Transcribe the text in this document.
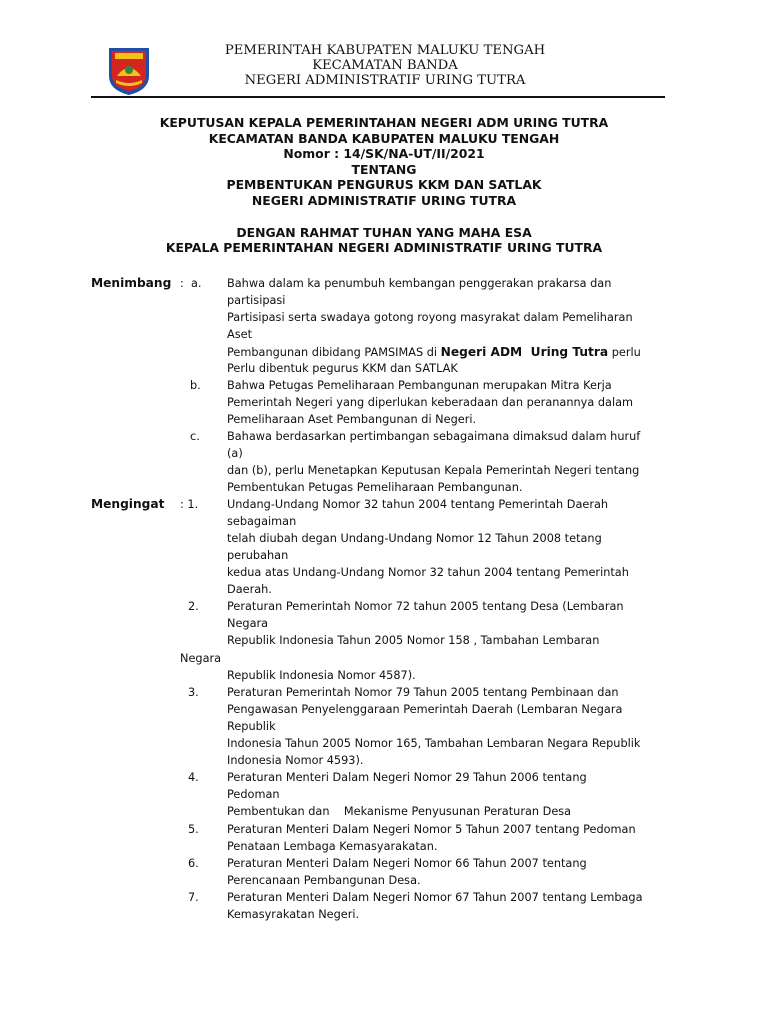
PEMERINTAH KABUPATEN MALUKU TENGAH
KECAMATAN BANDA
NEGERI ADMINISTRATIF URING TUTRA
KEPUTUSAN KEPALA PEMERINTAHAN NEGERI ADM URING TUTRA
KECAMATAN BANDA KABUPATEN MALUKU TENGAH
Nomor : 14/SK/NA-UT/II/2021
TENTANG
PEMBENTUKAN PENGURUS KKM DAN SATLAK
NEGERI ADMINISTRATIF URING TUTRA
DENGAN RAHMAT TUHAN YANG MAHA ESA
KEPALA PEMERINTAHAN NEGERI ADMINISTRATIF URING TUTRA
Menimbang :  a. Bahwa dalam ka penumbuh kembangan penggerakan prakarsa dan
partisipasi
Partisipasi serta swadaya gotong royong masyrakat dalam Pemeliharan
Aset
Pembangunan dibidang PAMSIMAS di Negeri ADM  Uring Tutra perlu
Perlu dibentuk pegurus KKM dan SATLAK
b. Bahwa Petugas Pemeliharaan Pembangunan merupakan Mitra Kerja
Pemerintah Negeri yang diperlukan keberadaan dan peranannya dalam
Pemeliharaan Aset Pembangunan di Negeri.
c. Bahawa berdasarkan pertimbangan sebagaimana dimaksud dalam huruf
(a)
dan (b), perlu Menetapkan Keputusan Kepala Pemerintah Negeri tentang
Pembentukan Petugas Pemeliharaan Pembangunan.
Mengingat : 1.	Undang-Undang Nomor 32 tahun 2004 tentang Pemerintah Daerah
sebagaiman
telah diubah degan Undang-Undang Nomor 12 Tahun 2008 tetang
perubahan
kedua atas Undang-Undang Nomor 32 tahun 2004 tentang Pemerintah
Daerah.
2. Peraturan Pemerintah Nomor 72 tahun 2005 tentang Desa (Lembaran
Negara
Republik Indonesia Tahun 2005 Nomor 158 , Tambahan Lembaran
Negara
Republik Indonesia Nomor 4587).
3. Peraturan Pemerintah Nomor 79 Tahun 2005 tentang Pembinaan dan
Pengawasan Penyelenggaraan Pemerintah Daerah (Lembaran Negara
Republik
Indonesia Tahun 2005 Nomor 165, Tambahan Lembaran Negara Republik
Indonesia Nomor 4593).
4. Peraturan Menteri Dalam Negeri Nomor 29 Tahun 2006 tentang
Pedoman
Pembentukan dan    Mekanisme Penyusunan Peraturan Desa
5. Peraturan Menteri Dalam Negeri Nomor 5 Tahun 2007 tentang Pedoman
Penataan Lembaga Kemasyarakatan.
6. Peraturan Menteri Dalam Negeri Nomor 66 Tahun 2007 tentang
Perencanaan Pembangunan Desa.
7. Peraturan Menteri Dalam Negeri Nomor 67 Tahun 2007 tentang Lembaga
Kemasyrakatan Negeri.
